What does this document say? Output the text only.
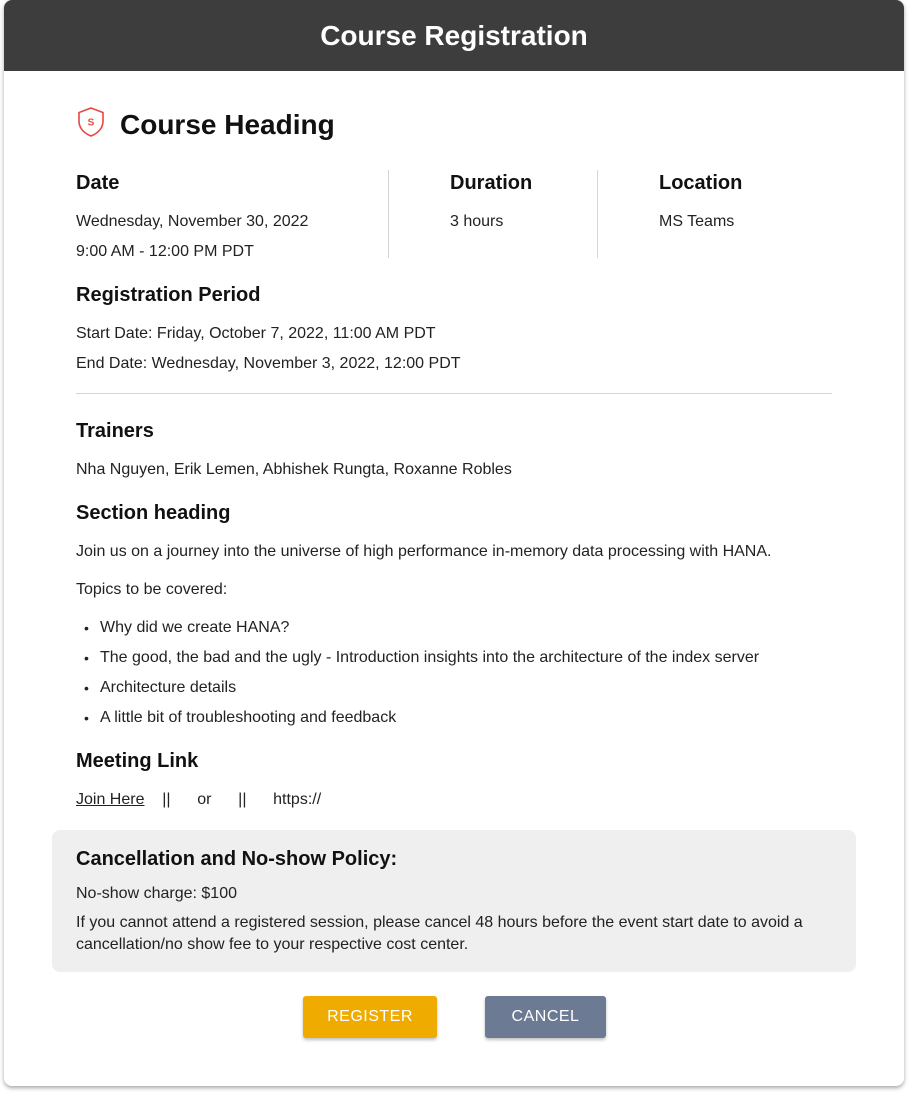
Course Registration
S Course Heading
Date
Wednesday, November 30, 2022
9:00 AM - 12:00 PM PDT
Duration
3 hours
Location
MS Teams
Registration Period
Start Date: Friday, October 7, 2022, 11:00 AM PDT
End Date: Wednesday, November 3, 2022, 12:00 PDT
Trainers
Nha Nguyen, Erik Lemen, Abhishek Rungta, Roxanne Robles
Section heading
Join us on a journey into the universe of high performance in-memory data processing with HANA.
Topics to be covered:
• Why did we create HANA?
• The good, the bad and the ugly - Introduction insights into the architecture of the index server
• Architecture details
• A little bit of troubleshooting and feedback
Meeting Link
Join Here || or || https://
Cancellation and No-show Policy:
No-show charge: $100
If you cannot attend a registered session, please cancel 48 hours before the event start date to avoid a cancellation/no show fee to your respective cost center.
REGISTER	CANCEL
